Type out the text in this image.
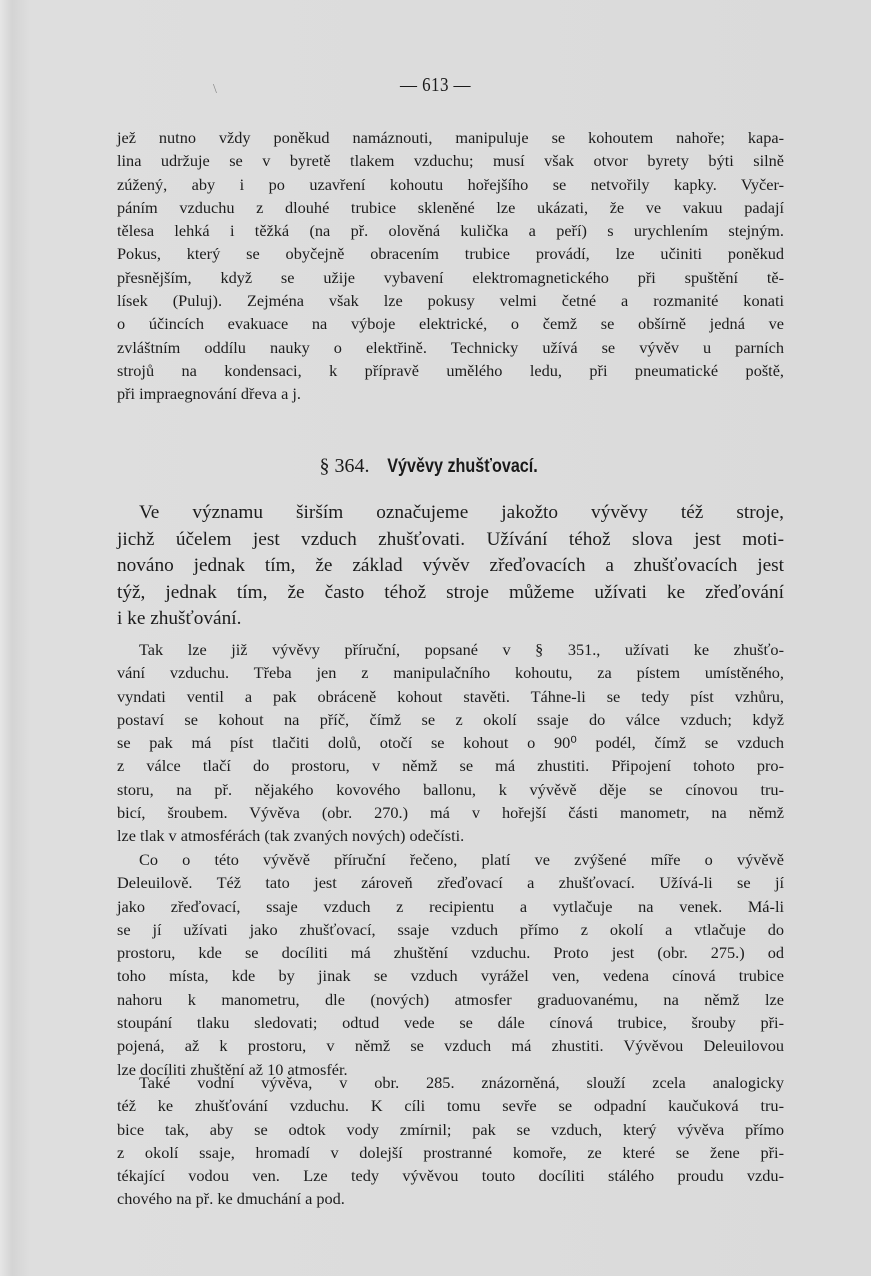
— 613 —
jež nutno vždy poněkud namáznouti, manipuluje se kohoutem nahoře; kapa-
lina udržuje se v byretě tlakem vzduchu; musí však otvor byrety býti silně
zúžený, aby i po uzavření kohoutu hořejšího se netvořily kapky. Vyčer-
páním vzduchu z dlouhé trubice skleněné lze ukázati, že ve vakuu padají
tělesa lehká i těžká (na př. olověná kulička a peří) s urychlením stejným.
Pokus, který se obyčejně obracením trubice provádí, lze učiniti poněkud
přesnějším, když se užije vybavení elektromagnetického při spuštění tě-
lísek (Puluj). Zejména však lze pokusy velmi četné a rozmanité konati
o účincích evakuace na výboje elektrické, o čemž se obšírně jedná ve
zvláštním oddílu nauky o elektřině. Technicky užívá se vývěv u parních
strojů na kondensaci, k přípravě umělého ledu, při pneumatické poště,
při impraegnování dřeva a j.
§ 364. Vývěvy zhušťovací.
Ve významu širším označujeme jakožto vývěvy též stroje,
jichž účelem jest vzduch zhušťovati. Užívání téhož slova jest moti-
nováno jednak tím, že základ vývěv zřeďovacích a zhušťovacích jest
týž, jednak tím, že často téhož stroje můžeme užívati ke zřeďování
i ke zhušťování.
Tak lze již vývěvy příruční, popsané v § 351., užívati ke zhušťo-
vání vzduchu. Třeba jen z manipulačního kohoutu, za pístem umístěného,
vyndati ventil a pak obráceně kohout stavěti. Táhne-li se tedy píst vzhůru,
postaví se kohout na příč, čímž se z okolí ssaje do válce vzduch; když
se pak má píst tlačiti dolů, otočí se kohout o 90⁰ podél, čímž se vzduch
z válce tlačí do prostoru, v němž se má zhustiti. Připojení tohoto pro-
storu, na př. nějakého kovového ballonu, k vývěvě děje se cínovou tru-
bicí, šroubem. Vývěva (obr. 270.) má v hořejší části manometr, na němž
lze tlak v atmosférách (tak zvaných nových) odečísti.
Co o této vývěvě příruční řečeno, platí ve zvýšené míře o vývěvě
Deleuilově. Též tato jest zároveň zřeďovací a zhušťovací. Užívá-li se jí
jako zřeďovací, ssaje vzduch z recipientu a vytlačuje na venek. Má-li
se jí užívati jako zhušťovací, ssaje vzduch přímo z okolí a vtlačuje do
prostoru, kde se docíliti má zhuštění vzduchu. Proto jest (obr. 275.) od
toho místa, kde by jinak se vzduch vyrážel ven, vedena cínová trubice
nahoru k manometru, dle (nových) atmosfer graduovanému, na němž lze
stoupání tlaku sledovati; odtud vede se dále cínová trubice, šrouby při-
pojená, až k prostoru, v němž se vzduch má zhustiti. Vývěvou Deleuilovou
lze docíliti zhuštění až 10 atmosfér.
Také vodní vývěva, v obr. 285. znázorněná, slouží zcela analogicky
též ke zhušťování vzduchu. K cíli tomu sevře se odpadní kaučuková tru-
bice tak, aby se odtok vody zmírnil; pak se vzduch, který vývěva přímo
z okolí ssaje, hromadí v dolejší prostranné komoře, ze které se žene při-
tékající vodou ven. Lze tedy vývěvou touto docíliti stálého proudu vzdu-
chového na př. ke dmuchání a pod.
\
